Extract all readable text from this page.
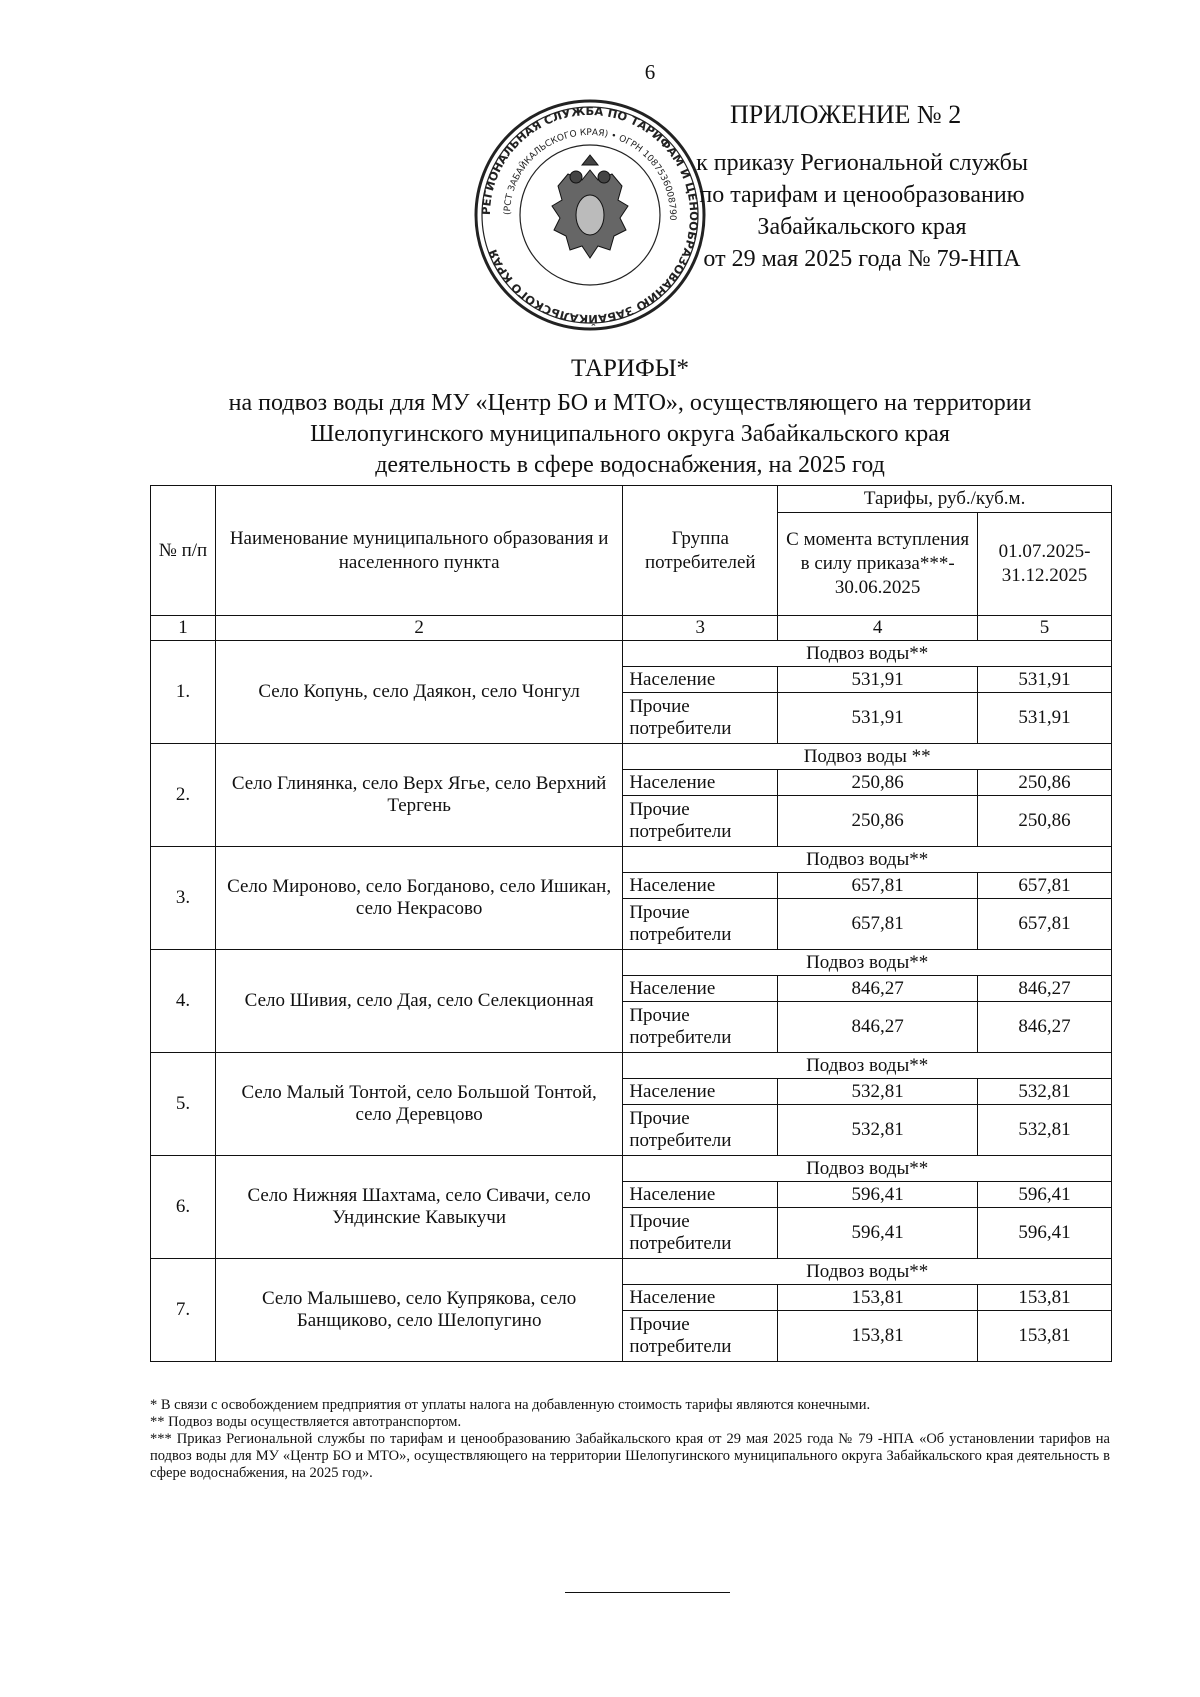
6
РЕГИОНАЛЬНАЯ СЛУЖБА ПО ТАРИФАМ И ЦЕНООБРАЗОВАНИЮ ЗАБАЙКАЛЬСКОГО КРАЯ
(РСТ ЗАБАЙКАЛЬСКОГО КРАЯ) • ОГРН 1087536008790
ПРИЛОЖЕНИЕ № 2
к приказу Региональной службы
по тарифам и ценообразованию
Забайкальского края
от 29 мая 2025 года № 79-НПА
ТАРИФЫ*
на подвоз воды для МУ «Центр БО и МТО», осуществляющего на территории
Шелопугинского муниципального округа Забайкальского края
деятельность в сфере водоснабжения, на 2025 год
№ п/п	Наименование муниципального образования и населенного пункта	Группа потребителей	Тарифы, руб./куб.м.	
			С момента вступления в силу приказа***- 30.06.2025	01.07.2025-
31.12.2025

1	2	3	4	5
1.	Село Копунь, село Даякон, село Чонгул	Подвоз воды**		
		Население	531,91	531,91
		Прочие потребители	531,91	531,91
2.	Село Глинянка, село Верх Ягье, село Верхний Тергень	Подвоз воды **		
		Население	250,86	250,86
		Прочие потребители	250,86	250,86
3.	Село Мироново, село Богданово, село Ишикан, село Некрасово	Подвоз воды**		
		Население	657,81	657,81
		Прочие потребители	657,81	657,81
4.	Село Шивия, село Дая, село Селекционная	Подвоз воды**		
		Население	846,27	846,27
		Прочие потребители	846,27	846,27
5.	Село Малый Тонтой, село Большой Тонтой, село Деревцово	Подвоз воды**		
		Население	532,81	532,81
		Прочие потребители	532,81	532,81
6.	Село Нижняя Шахтама, село Сивачи, село Ундинские Кавыкучи	Подвоз воды**		
		Население	596,41	596,41
		Прочие потребители	596,41	596,41
7.	Село Малышево, село Купрякова, село Банщиково, село Шелопугино	Подвоз воды**		
		Население	153,81	153,81
		Прочие потребители	153,81	153,81

* В связи с освобождением предприятия от уплаты налога на добавленную стоимость тарифы являются конечными.

** Подвоз воды осуществляется автотранспортом.

*** Приказ Региональной службы по тарифам и ценообразованию Забайкальского края от 29 мая 2025 года № 79 -НПА «Об установлении тарифов на подвоз воды для МУ «Центр БО и МТО», осуществляющего на территории Шелопугинского муниципального округа Забайкальского края деятельность в сфере водоснабжения, на 2025 год».
